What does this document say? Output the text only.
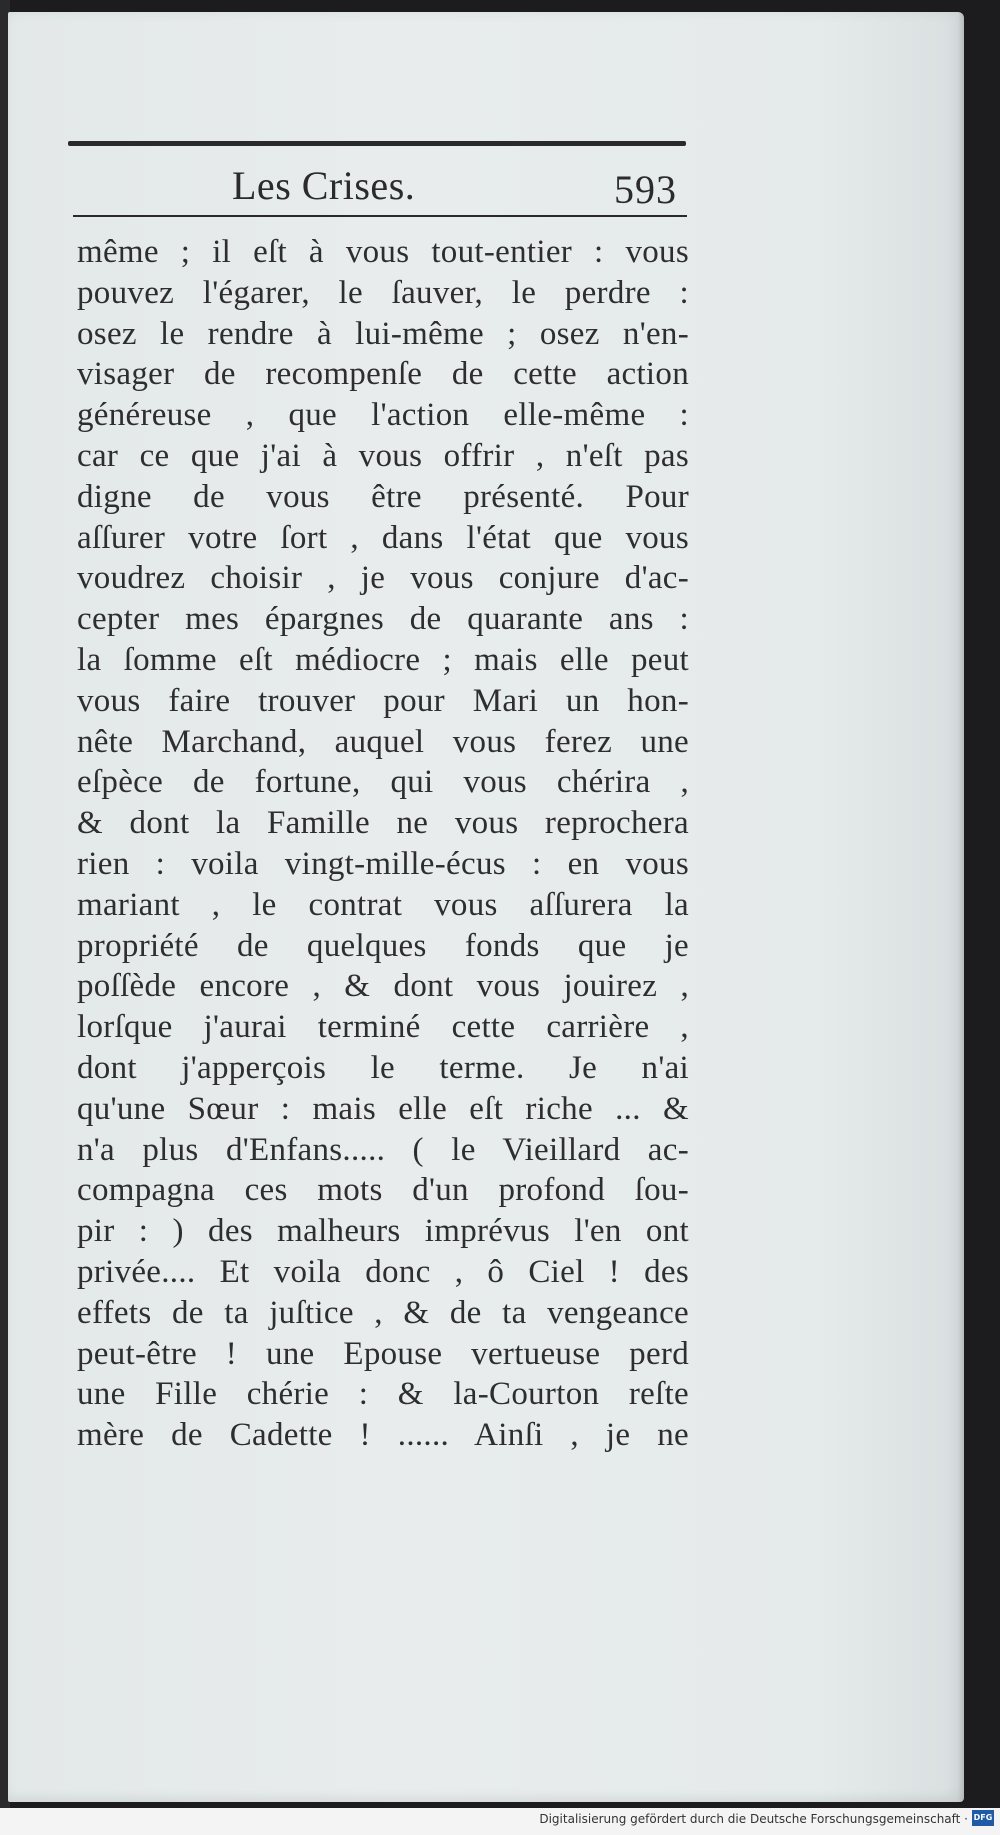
Les Crises.	593
même ; il eſt à vous tout-entier : vous
pouvez l'égarer, le ſauver, le perdre :
osez le rendre à lui-même ; osez n'en-
visager de recompenſe de cette action
généreuse , que l'action elle-même :
car ce que j'ai à vous offrir , n'eſt pas
digne de vous être présenté. Pour
aſſurer votre ſort , dans l'état que vous
voudrez choisir , je vous conjure d'ac-
cepter mes épargnes de quarante ans :
la ſomme eſt médiocre ; mais elle peut
vous faire trouver pour Mari un hon-
nête Marchand, auquel vous ferez une
eſpèce de fortune, qui vous chérira ,
& dont la Famille ne vous reprochera
rien : voila vingt-mille-écus : en vous
mariant , le contrat vous aſſurera la
propriété de quelques fonds que je
poſſède encore , & dont vous jouirez ,
lorſque j'aurai terminé cette carrière ,
dont j'apperçois le terme. Je n'ai
qu'une Sœur : mais elle eſt riche ... &
n'a plus d'Enfans..... ( le Vieillard ac-
compagna ces mots d'un profond ſou-
pir : ) des malheurs imprévus l'en ont
privée.... Et voila donc , ô Ciel ! des
effets de ta juſtice , & de ta vengeance
peut-être ! une Epouse vertueuse perd
une Fille chérie : & la-Courton reſte
mère de Cadette ! ...... Ainſi , je ne
Digitalisierung gefördert durch die Deutsche Forschungsgemeinschaft · DFG
